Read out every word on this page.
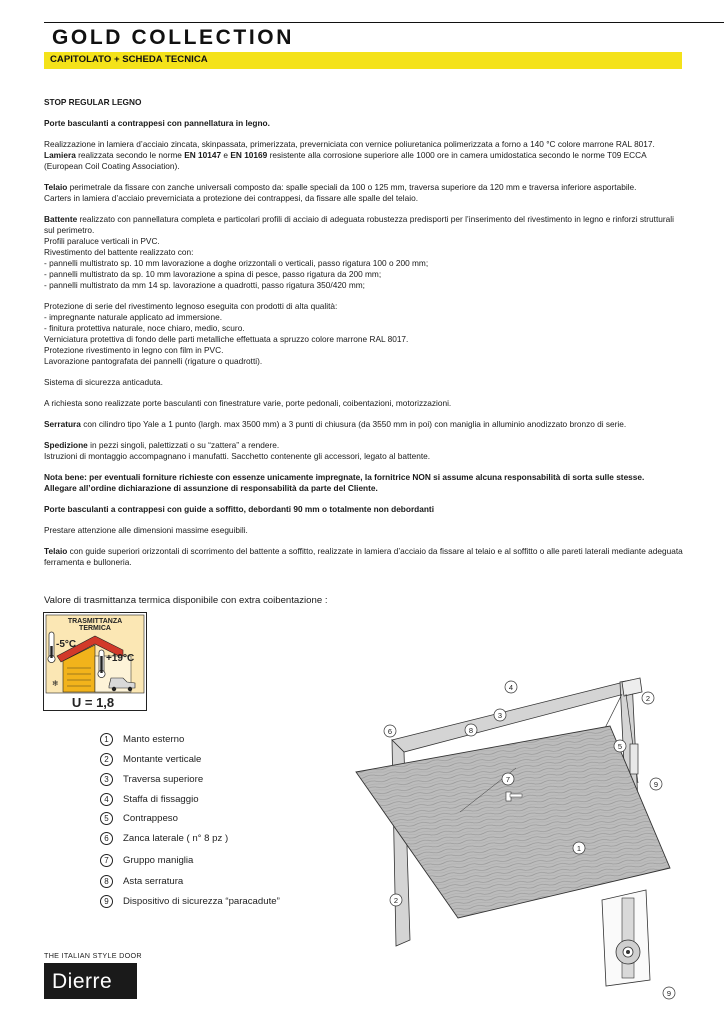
GOLD COLLECTION
CAPITOLATO + SCHEDA TECNICA

STOP REGULAR LEGNO

Porte basculanti a contrappesi con pannellatura in legno.

Realizzazione in lamiera d’acciaio zincata, skinpassata, primerizzata, preverniciata con vernice poliuretanica polimerizzata a forno a 140 °C colore marrone RAL 8017. Lamiera realizzata secondo le norme EN 10147 e EN 10169 resistente alla corrosione superiore alle 1000 ore in camera umidostatica secondo le norme T09 ECCA (European Coil Coating Association).

Telaio perimetrale da fissare con zanche universali composto da: spalle speciali da 100 o 125 mm, traversa superiore da 120 mm e traversa inferiore asportabile.
Carters in lamiera d’acciaio preverniciata a protezione dei contrappesi, da fissare alle spalle del telaio.

Battente realizzato con pannellatura completa e particolari profili di acciaio di adeguata robustezza predisporti per l’inserimento del rivestimento in legno e rinforzi strutturali sul perimetro.
Profili paraluce verticali in PVC.
Rivestimento del battente realizzato con:
- pannelli multistrato sp. 10 mm lavorazione a doghe orizzontali o verticali, passo rigatura 100 o 200 mm;
- pannelli multistrato da sp. 10 mm lavorazione a spina di pesce, passo rigatura da 200 mm;
- pannelli multistrato da mm 14 sp. lavorazione a quadrotti, passo rigatura 350/420 mm;

Protezione di serie del rivestimento legnoso eseguita con prodotti di alta qualità:
- impregnante naturale applicato ad immersione.
- finitura protettiva naturale, noce chiaro, medio, scuro.
Verniciatura protettiva di fondo delle parti metalliche effettuata a spruzzo colore marrone RAL 8017.
Protezione rivestimento in legno con film in PVC.
Lavorazione pantografata dei pannelli (rigature o quadrotti).

Sistema di sicurezza anticaduta.

A richiesta sono realizzate porte basculanti con finestrature varie, porte pedonali, coibentazioni, motorizzazioni.

Serratura con cilindro tipo Yale a 1 punto (largh. max 3500 mm) a 3 punti di chiusura (da 3550 mm in poi) con maniglia in alluminio anodizzato bronzo di serie.

Spedizione in pezzi singoli, palettizzati o su “zattera” a rendere.
Istruzioni di montaggio accompagnano i manufatti. Sacchetto contenente gli accessori, legato al battente.

Nota bene: per eventuali forniture richieste con essenze unicamente impregnate, la fornitrice NON si assume alcuna responsabilità di sorta sulle stesse.
Allegare all’ordine dichiarazione di assunzione di responsabilità da parte del Cliente.

Porte basculanti a contrappesi con guide a soffitto, debordanti 90 mm o totalmente non debordanti

Prestare attenzione alle dimensioni massime eseguibili.

Telaio con guide superiori orizzontali di scorrimento del battente a soffitto, realizzate in lamiera d’acciaio da fissare al telaio e al soffitto o alle pareti laterali mediante adeguata ferramenta e bulloneria.

Valore di trasmittanza termica disponibile con extra coibentazione :
TRASMITTANZA
TERMICA
-5°C
+19°C
❄
U = 1,8
1 Manto esterno
2 Montante verticale
3 Traversa superiore
4 Staffa di fissaggio
5 Contrappeso
6 Zanca laterale ( n° 8 pz )
7 Gruppo maniglia
8 Asta serratura
9 Dispositivo di sicurezza “paracadute”
4
2
3
8
6
5
7
9
1
2
9
THE ITALIAN STYLE DOOR
Dierre
